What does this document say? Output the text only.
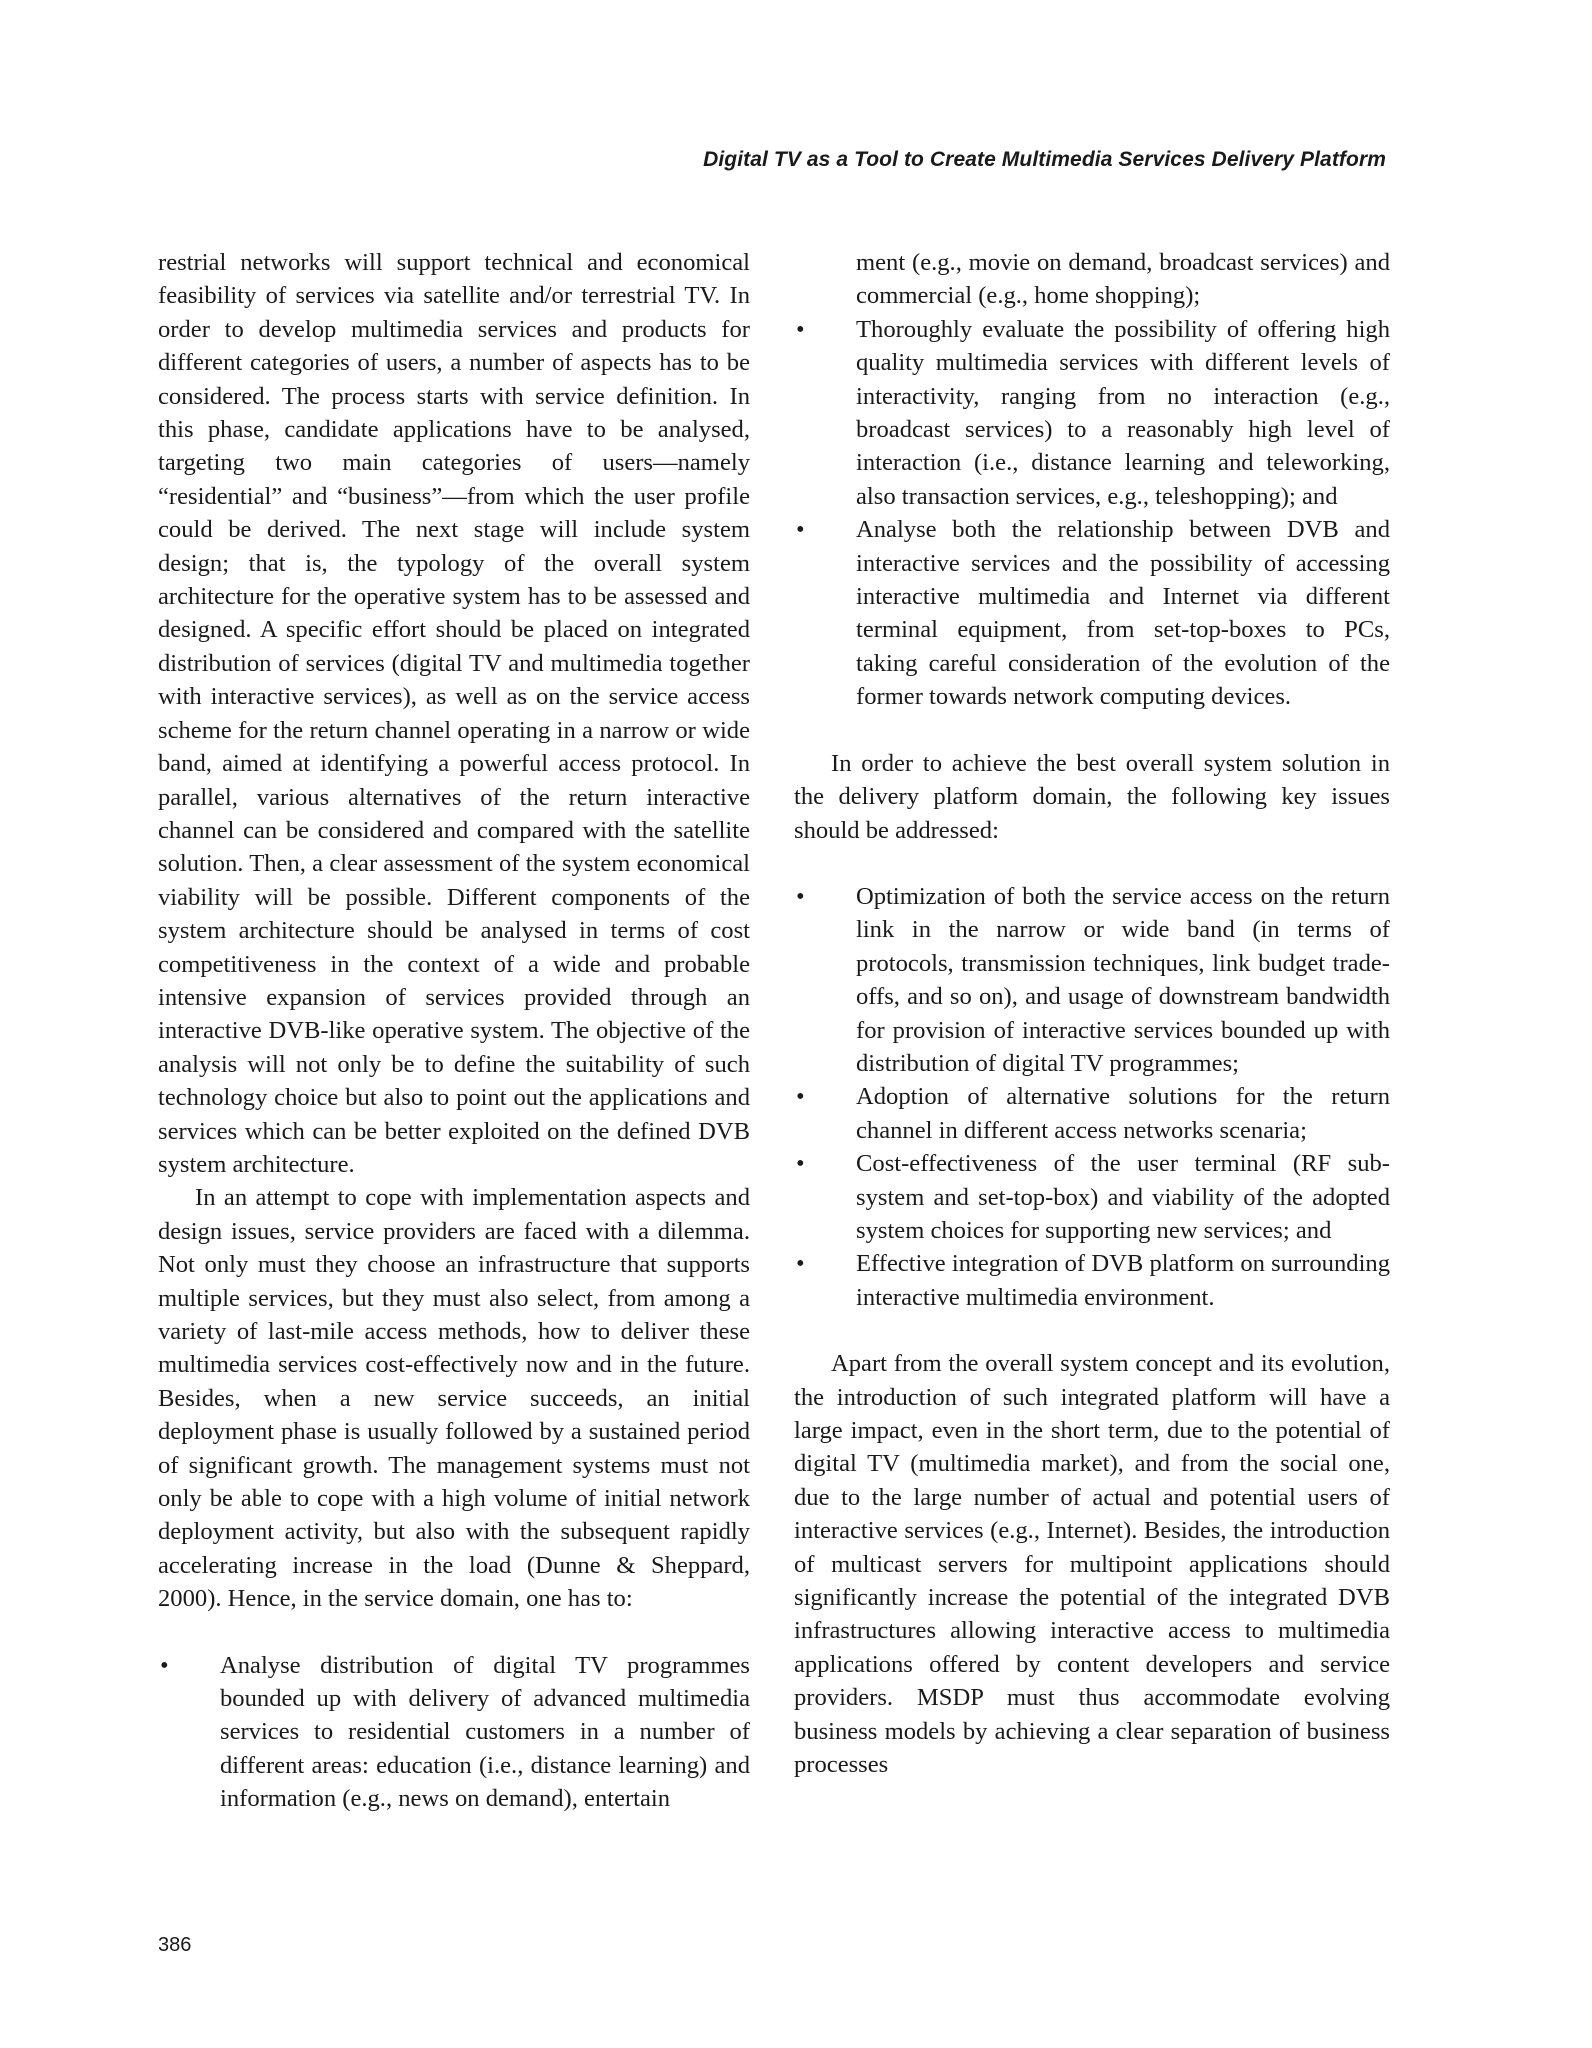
Digital TV as a Tool to Create Multimedia Services Delivery Platform

restrial networks will support technical and economical feasibility of services via satellite and/or terrestrial TV. In order to develop multimedia services and products for different categories of users, a number of aspects has to be considered. The process starts with service definition. In this phase, candidate applications have to be analysed, targeting two main categories of users—namely “residential” and “business”—from which the user profile could be derived. The next stage will include system design; that is, the typology of the overall system architecture for the operative system has to be assessed and designed. A specific effort should be placed on integrated distribution of services (digital TV and multimedia together with interactive services), as well as on the service access scheme for the return channel operating in a narrow or wide band, aimed at identifying a powerful access protocol. In parallel, various alternatives of the return interactive channel can be considered and compared with the satellite solution. Then, a clear assessment of the system economical viability will be possible. Different components of the system architecture should be analysed in terms of cost competitiveness in the context of a wide and probable intensive expansion of services provided through an interactive DVB-like operative system. The objective of the analysis will not only be to define the suitability of such technology choice but also to point out the applications and services which can be better exploited on the defined DVB system architecture.

In an attempt to cope with implementation aspects and design issues, service providers are faced with a dilemma. Not only must they choose an infrastructure that supports multiple services, but they must also select, from among a variety of last-mile access methods, how to deliver these multimedia services cost-effectively now and in the future. Besides, when a new service succeeds, an initial deployment phase is usually followed by a sustained period of significant growth. The management systems must not only be able to cope with a high volume of initial network deployment activity, but also with the subsequent rapidly accelerating increase in the load (Dunne & Sheppard, 2000). Hence, in the service domain, one has to:

• Analyse distribution of digital TV programmes bounded up with delivery of advanced multimedia services to residential customers in a number of different areas: education (i.e., distance learning) and information (e.g., news on demand), entertain
ment (e.g., movie on demand, broadcast services) and commercial (e.g., home shopping);
• Thoroughly evaluate the possibility of offering high quality multimedia services with different levels of interactivity, ranging from no interaction (e.g., broadcast services) to a reasonably high level of interaction (i.e., distance learning and teleworking, also transaction services, e.g., teleshopping); and
• Analyse both the relationship between DVB and interactive services and the possibility of accessing interactive multimedia and Internet via different terminal equipment, from set-top-boxes to PCs, taking careful consideration of the evolution of the former towards network computing devices.

In order to achieve the best overall system solution in the delivery platform domain, the following key issues should be addressed:

• Optimization of both the service access on the return link in the narrow or wide band (in terms of protocols, transmission techniques, link budget trade-offs, and so on), and usage of downstream bandwidth for provision of interactive services bounded up with distribution of digital TV programmes;
• Adoption of alternative solutions for the return channel in different access networks scenaria;
• Cost-effectiveness of the user terminal (RF sub-system and set-top-box) and viability of the adopted system choices for supporting new services; and
• Effective integration of DVB platform on surrounding interactive multimedia environment.

Apart from the overall system concept and its evolution, the introduction of such integrated platform will have a large impact, even in the short term, due to the potential of digital TV (multimedia market), and from the social one, due to the large number of actual and potential users of interactive services (e.g., Internet). Besides, the introduction of multicast servers for multipoint applications should significantly increase the potential of the integrated DVB infrastructures allowing interactive access to multimedia applications offered by content developers and service providers. MSDP must thus accommodate evolving business models by achieving a clear separation of business processes

386
